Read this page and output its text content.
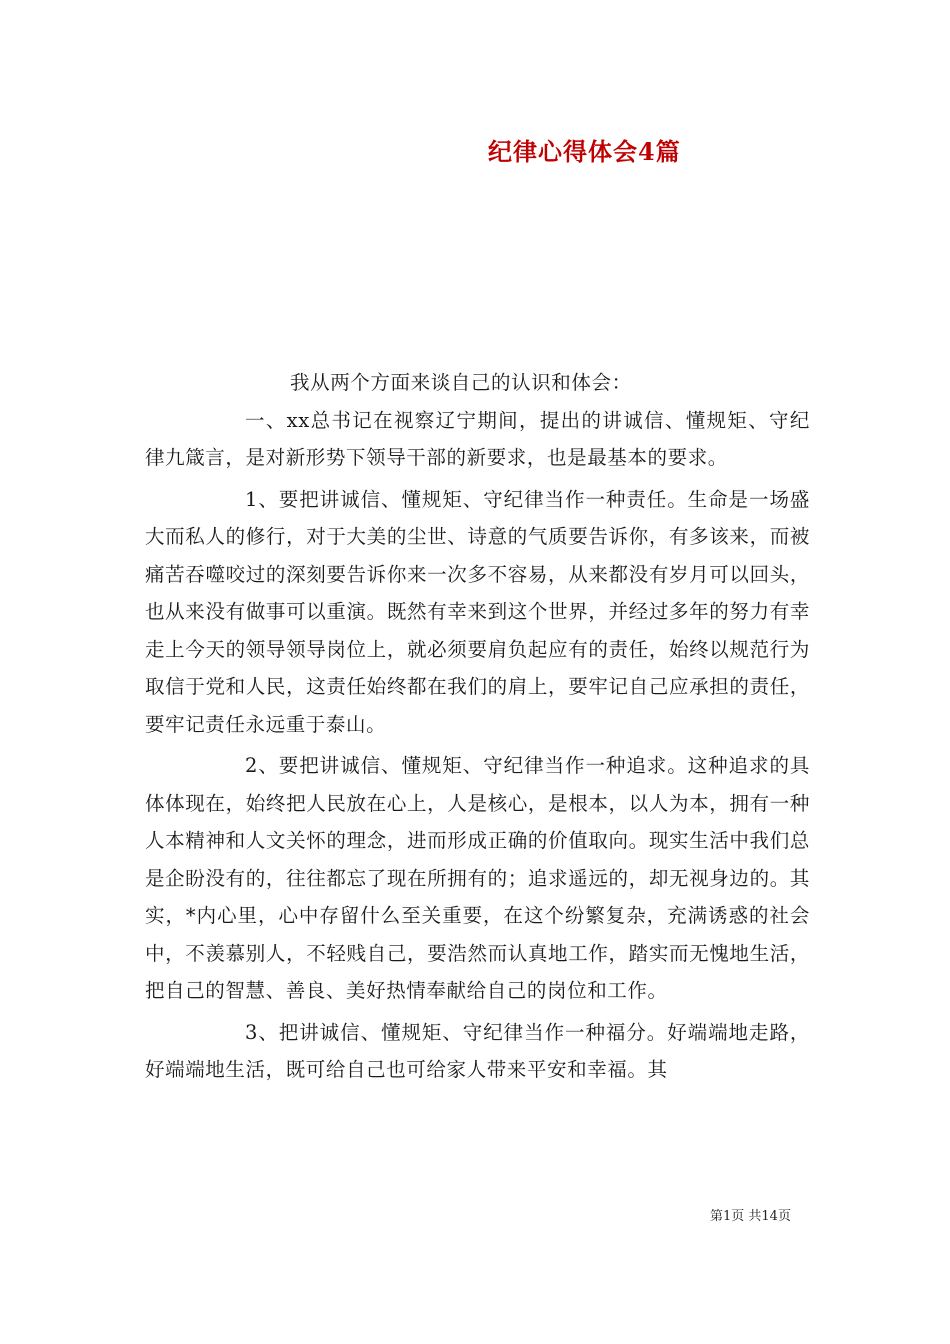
纪律心得体会4篇

我从两个方面来谈自己的认识和体会：

一、xx总书记在视察辽宁期间，提出的讲诚信、懂规矩、守纪律九箴言，是对新形势下领导干部的新要求，也是最基本的要求。

1、要把讲诚信、懂规矩、守纪律当作一种责任。生命是一场盛大而私人的修行，对于大美的尘世、诗意的气质要告诉你，有多该来，而被痛苦吞噬咬过的深刻要告诉你来一次多不容易，从来都没有岁月可以回头，也从来没有做事可以重演。既然有幸来到这个世界，并经过多年的努力有幸走上今天的领导领导岗位上，就必须要肩负起应有的责任，始终以规范行为取信于党和人民，这责任始终都在我们的肩上，要牢记自己应承担的责任，要牢记责任永远重于泰山。

2、要把讲诚信、懂规矩、守纪律当作一种追求。这种追求的具体体现在，始终把人民放在心上，人是核心，是根本，以人为本，拥有一种人本精神和人文关怀的理念，进而形成正确的价值取向。现实生活中我们总是企盼没有的，往往都忘了现在所拥有的；追求遥远的，却无视身边的。其实，*内心里，心中存留什么至关重要，在这个纷繁复杂，充满诱惑的社会中，不羡慕别人，不轻贱自己，要浩然而认真地工作，踏实而无愧地生活，把自己的智慧、善良、美好热情奉献给自己的岗位和工作。

3、把讲诚信、懂规矩、守纪律当作一种福分。好端端地走路，好端端地生活，既可给自己也可给家人带来平安和幸福。其

第1页 共14页
